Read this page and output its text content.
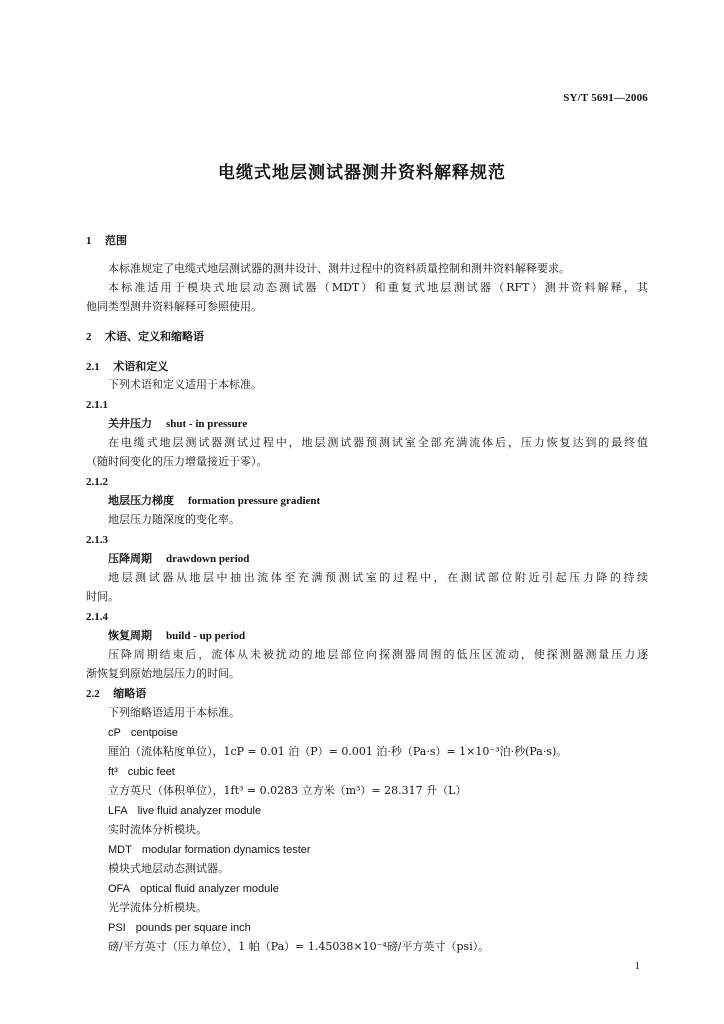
SY/T 5691—2006
电缆式地层测试器测井资料解释规范
1 范围
本标准规定了电缆式地层测试器的测井设计、测井过程中的资料质量控制和测井资料解释要求。
本标准适用于模块式地层动态测试器（MDT）和重复式地层测试器（RFT）测井资料解释，其
他同类型测井资料解释可参照使用。
2 术语、定义和缩略语
2.1 术语和定义
下列术语和定义适用于本标准。
2.1.1
关井压力 shut - in pressure
在电缆式地层测试器测试过程中，地层测试器预测试室全部充满流体后，压力恢复达到的最终值
（随时间变化的压力增量接近于零）。
2.1.2
地层压力梯度 formation pressure gradient
地层压力随深度的变化率。
2.1.3
压降周期 drawdown period
地层测试器从地层中抽出流体至充满预测试室的过程中，在测试部位附近引起压力降的持续
时间。
2.1.4
恢复周期 build - up period
压降周期结束后，流体从未被扰动的地层部位向探测器周围的低压区流动，使探测器测量压力逐
渐恢复到原始地层压力的时间。
2.2 缩略语
下列缩略语适用于本标准。
cP centpoise
厘泊（流体粘度单位），1cP = 0.01 泊（P）= 0.001 泊·秒（Pa·s）= 1×10⁻³泊·秒(Pa·s)。
ft³ cubic feet
立方英尺（体积单位），1ft³ = 0.0283 立方米（m³）= 28.317 升（L）
LFA live fluid analyzer module
实时流体分析模块。
MDT modular formation dynamics tester
模块式地层动态测试器。
OFA optical fluid analyzer module
光学流体分析模块。
PSI pounds per square inch
磅/平方英寸（压力单位），1 帕（Pa）= 1.45038×10⁻⁴磅/平方英寸（psi）。
1
